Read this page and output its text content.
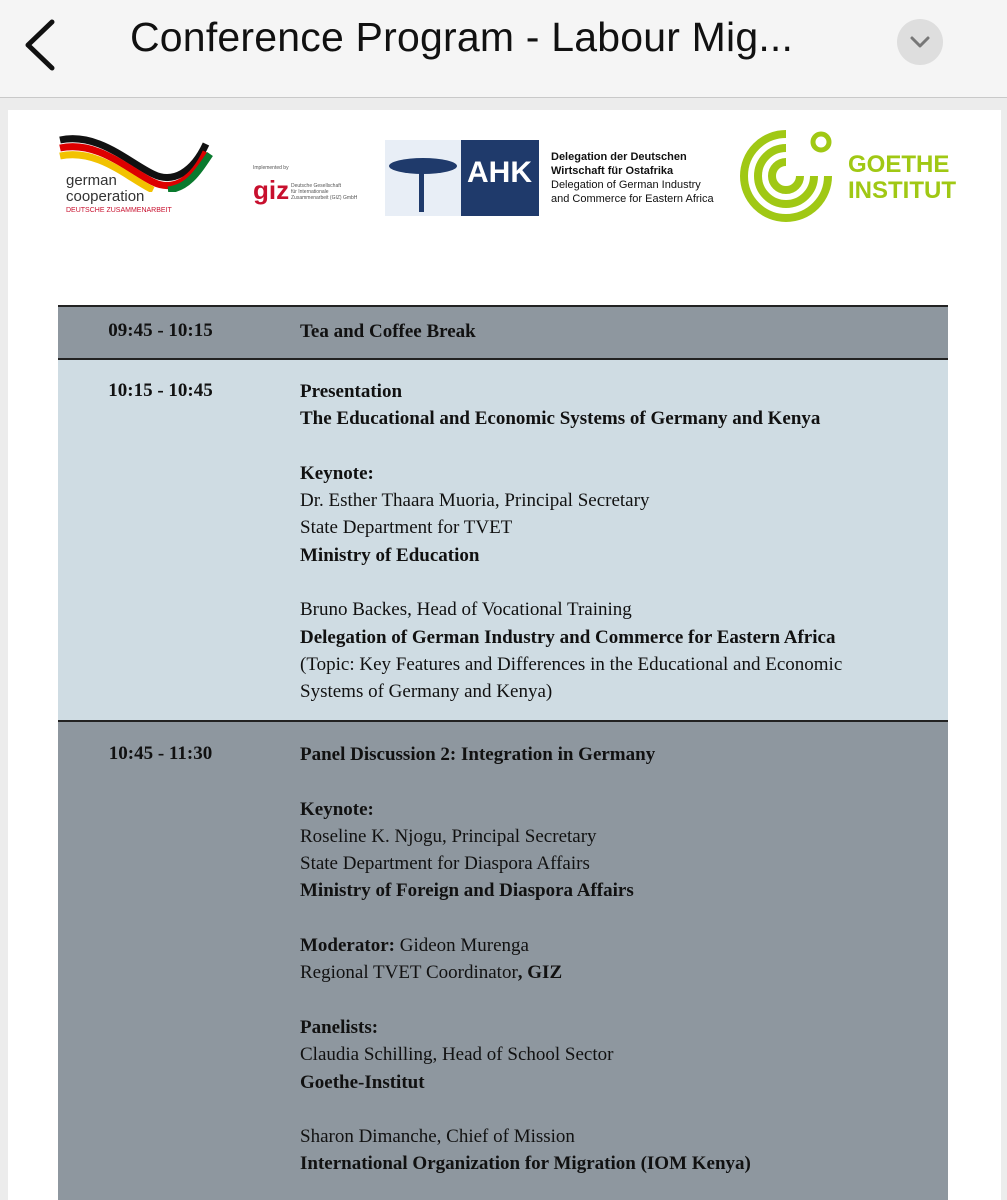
Conference Program - Labour Mig...
german
cooperation
DEUTSCHE ZUSAMMENARBEIT
Implemented by
giz Deutsche Gesellschaft
für Internationale
Zusammenarbeit (GIZ) GmbH
AHK Delegation der Deutschen
Wirtschaft für Ostafrika
Delegation of German Industry
and Commerce for Eastern Africa
GOETHE
INSTITUT
09:45 - 10:15	Tea and Coffee Break
10:15 - 10:45	Presentation
The Educational and Economic Systems of Germany and Kenya
Keynote:
Dr. Esther Thaara Muoria, Principal Secretary
State Department for TVET
Ministry of Education
Bruno Backes, Head of Vocational Training
Delegation of German Industry and Commerce for Eastern Africa
(Topic: Key Features and Differences in the Educational and Economic
Systems of Germany and Kenya)
10:45 - 11:30	Panel Discussion 2: Integration in Germany
Keynote:
Roseline K. Njogu, Principal Secretary
State Department for Diaspora Affairs
Ministry of Foreign and Diaspora Affairs
Moderator: Gideon Murenga
Regional TVET Coordinator, GIZ
Panelists:
Claudia Schilling, Head of School Sector
Goethe-Institut
Sharon Dimanche, Chief of Mission
International Organization for Migration (IOM Kenya)
